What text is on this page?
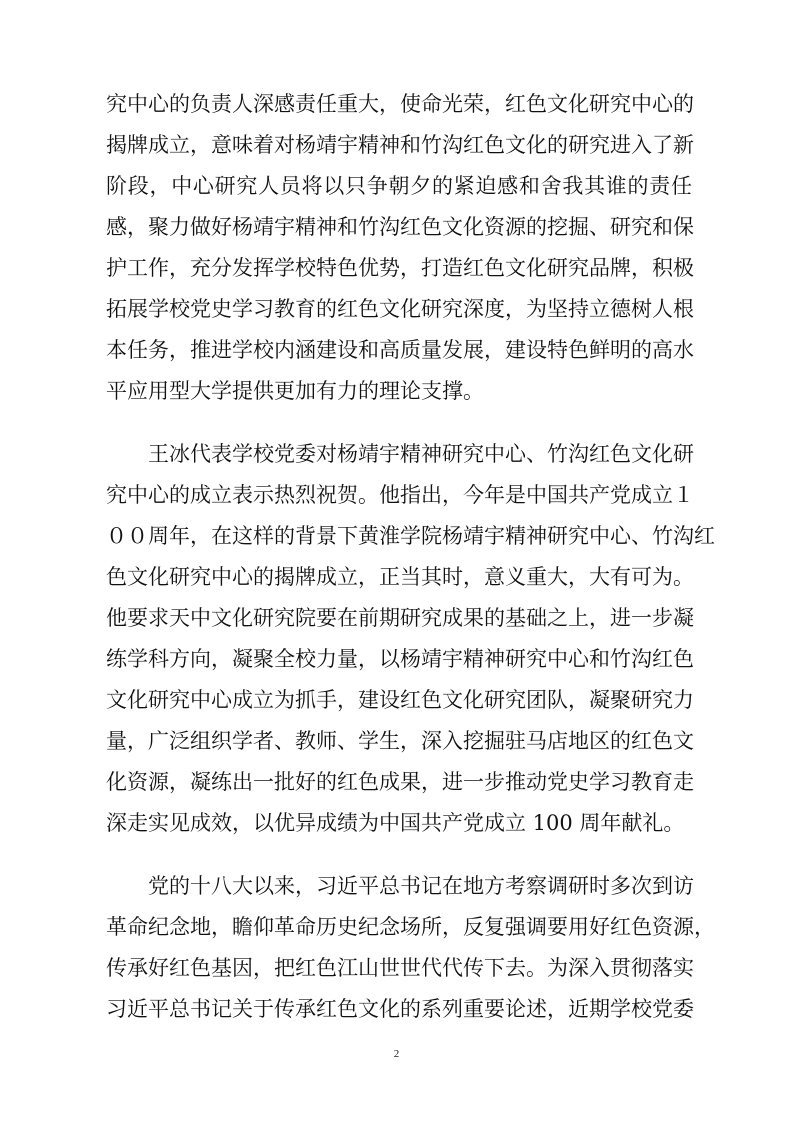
究中心的负责人深感责任重大，使命光荣，红色文化研究中心的
揭牌成立，意味着对杨靖宇精神和竹沟红色文化的研究进入了新
阶段，中心研究人员将以只争朝夕的紧迫感和舍我其谁的责任
感，聚力做好杨靖宇精神和竹沟红色文化资源的挖掘、研究和保
护工作，充分发挥学校特色优势，打造红色文化研究品牌，积极
拓展学校党史学习教育的红色文化研究深度，为坚持立德树人根
本任务，推进学校内涵建设和高质量发展，建设特色鲜明的高水
平应用型大学提供更加有力的理论支撑。
　　王冰代表学校党委对杨靖宇精神研究中心、竹沟红色文化研
究中心的成立表示热烈祝贺。他指出，今年是中国共产党成立１
００周年，在这样的背景下黄淮学院杨靖宇精神研究中心、竹沟红
色文化研究中心的揭牌成立，正当其时，意义重大，大有可为。
他要求天中文化研究院要在前期研究成果的基础之上，进一步凝
练学科方向，凝聚全校力量，以杨靖宇精神研究中心和竹沟红色
文化研究中心成立为抓手，建设红色文化研究团队，凝聚研究力
量，广泛组织学者、教师、学生，深入挖掘驻马店地区的红色文
化资源，凝练出一批好的红色成果，进一步推动党史学习教育走
深走实见成效，以优异成绩为中国共产党成立 100 周年献礼。
　　党的十八大以来，习近平总书记在地方考察调研时多次到访
革命纪念地，瞻仰革命历史纪念场所，反复强调要用好红色资源，
传承好红色基因，把红色江山世世代代传下去。为深入贯彻落实
习近平总书记关于传承红色文化的系列重要论述，近期学校党委
2
